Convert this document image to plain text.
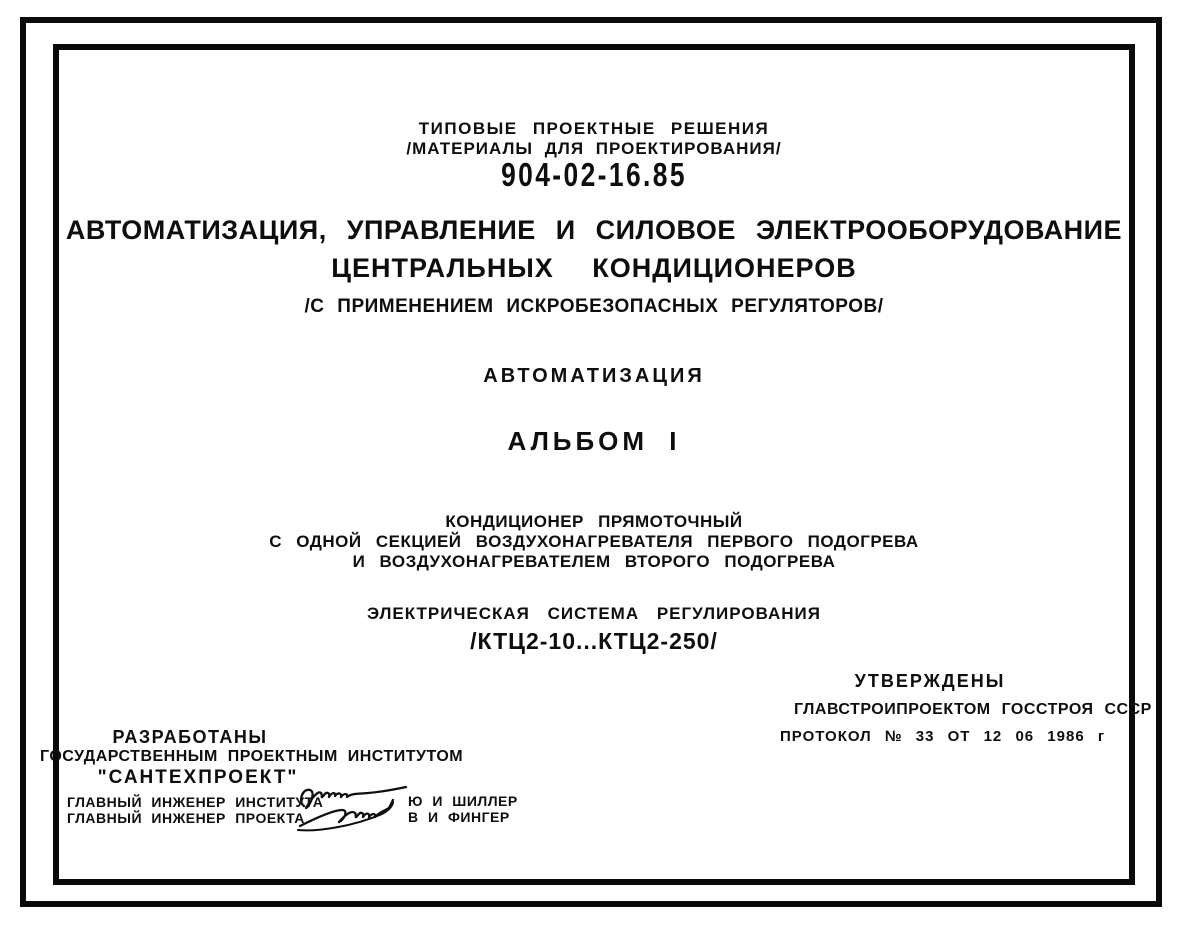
ТИПОВЫЕ ПРОЕКТНЫЕ РЕШЕНИЯ
/МАТЕРИАЛЫ ДЛЯ ПРОЕКТИРОВАНИЯ/
904-02-16.85
АВТОМАТИЗАЦИЯ, УПРАВЛЕНИЕ И СИЛОВОЕ ЭЛЕКТРООБОРУДОВАНИЕ
ЦЕНТРАЛЬНЫХ КОНДИЦИОНЕРОВ
/С ПРИМЕНЕНИЕМ ИСКРОБЕЗОПАСНЫХ РЕГУЛЯТОРОВ/
АВТОМАТИЗАЦИЯ
АЛЬБОМ I
КОНДИЦИОНЕР ПРЯМОТОЧНЫЙ
С ОДНОЙ СЕКЦИЕЙ ВОЗДУХОНАГРЕВАТЕЛЯ ПЕРВОГО ПОДОГРЕВА
И ВОЗДУХОНАГРЕВАТЕЛЕМ ВТОРОГО ПОДОГРЕВА
ЭЛЕКТРИЧЕСКАЯ СИСТЕМА РЕГУЛИРОВАНИЯ
/КТЦ2-10...КТЦ2-250/
УТВЕРЖДЕНЫ
ГЛАВСТРОИПРОЕКТОМ ГОССТРОЯ СССР
ПРОТОКОЛ № 33 ОТ 12 06 1986 г
РАЗРАБОТАНЫ
ГОСУДАРСТВЕННЫМ ПРОЕКТНЫМ ИНСТИТУТОМ
"САНТЕХПРОЕКТ"
ГЛАВНЫЙ ИНЖЕНЕР ИНСТИТУТА
ГЛАВНЫЙ ИНЖЕНЕР ПРОЕКТА
Ю И ШИЛЛЕР
В И ФИНГЕР
